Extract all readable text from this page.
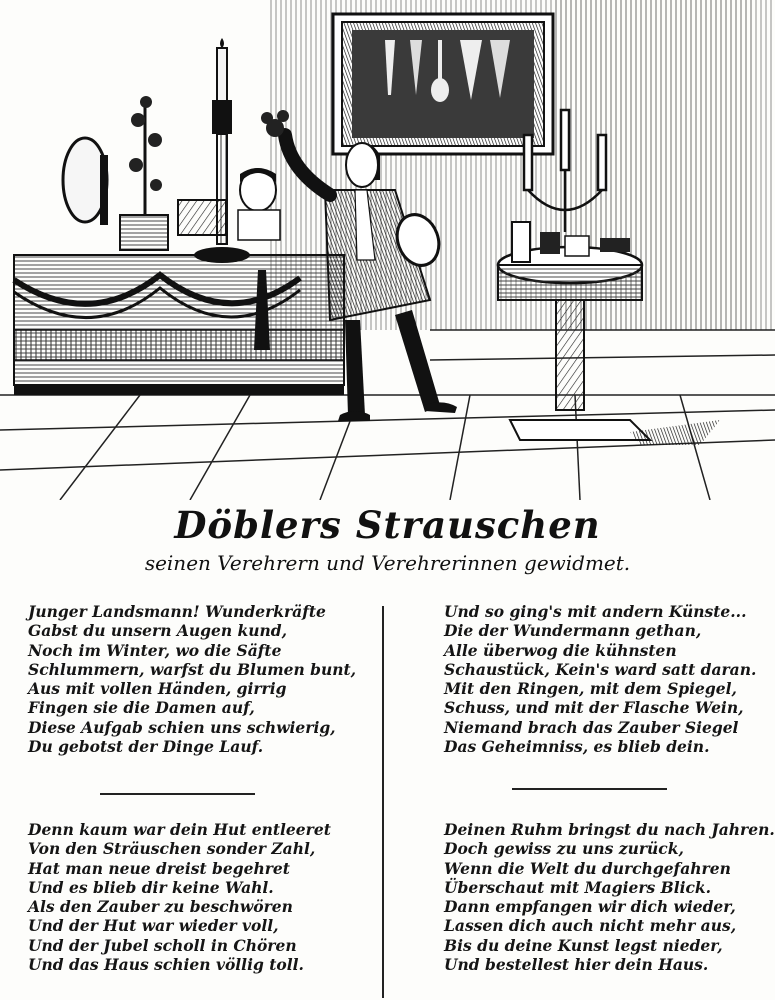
Döblers Strauschen
seinen Verehrern und Verehrerinnen gewidmet.
Junger Landsmann! Wunderkräfte
Gabst du unsern Augen kund,
Noch im Winter, wo die Säfte
Schlummern, warfst du Blumen bunt,
Aus mit vollen Händen, girrig
Fingen sie die Damen auf,
Diese Aufgab schien uns schwierig,
Du gebotst der Dinge Lauf.
Und so ging's mit andern Künste...
Die der Wundermann gethan,
Alle überwog die kühnsten
Schaustück, Kein's ward satt daran.
Mit den Ringen, mit dem Spiegel,
Schuss, und mit der Flasche Wein,
Niemand brach das Zauber Siegel
Das Geheimniss, es blieb dein.
Denn kaum war dein Hut entleeret
Von den Sträuschen sonder Zahl,
Hat man neue dreist begehret
Und es blieb dir keine Wahl.
Als den Zauber zu beschwören
Und der Hut war wieder voll,
Und der Jubel scholl in Chören
Und das Haus schien völlig toll.
Deinen Ruhm bringst du nach Jahren.
Doch gewiss zu uns zurück,
Wenn die Welt du durchgefahren
Überschaut mit Magiers Blick.
Dann empfangen wir dich wieder,
Lassen dich auch nicht mehr aus,
Bis du deine Kunst legst nieder,
Und bestellest hier dein Haus.
